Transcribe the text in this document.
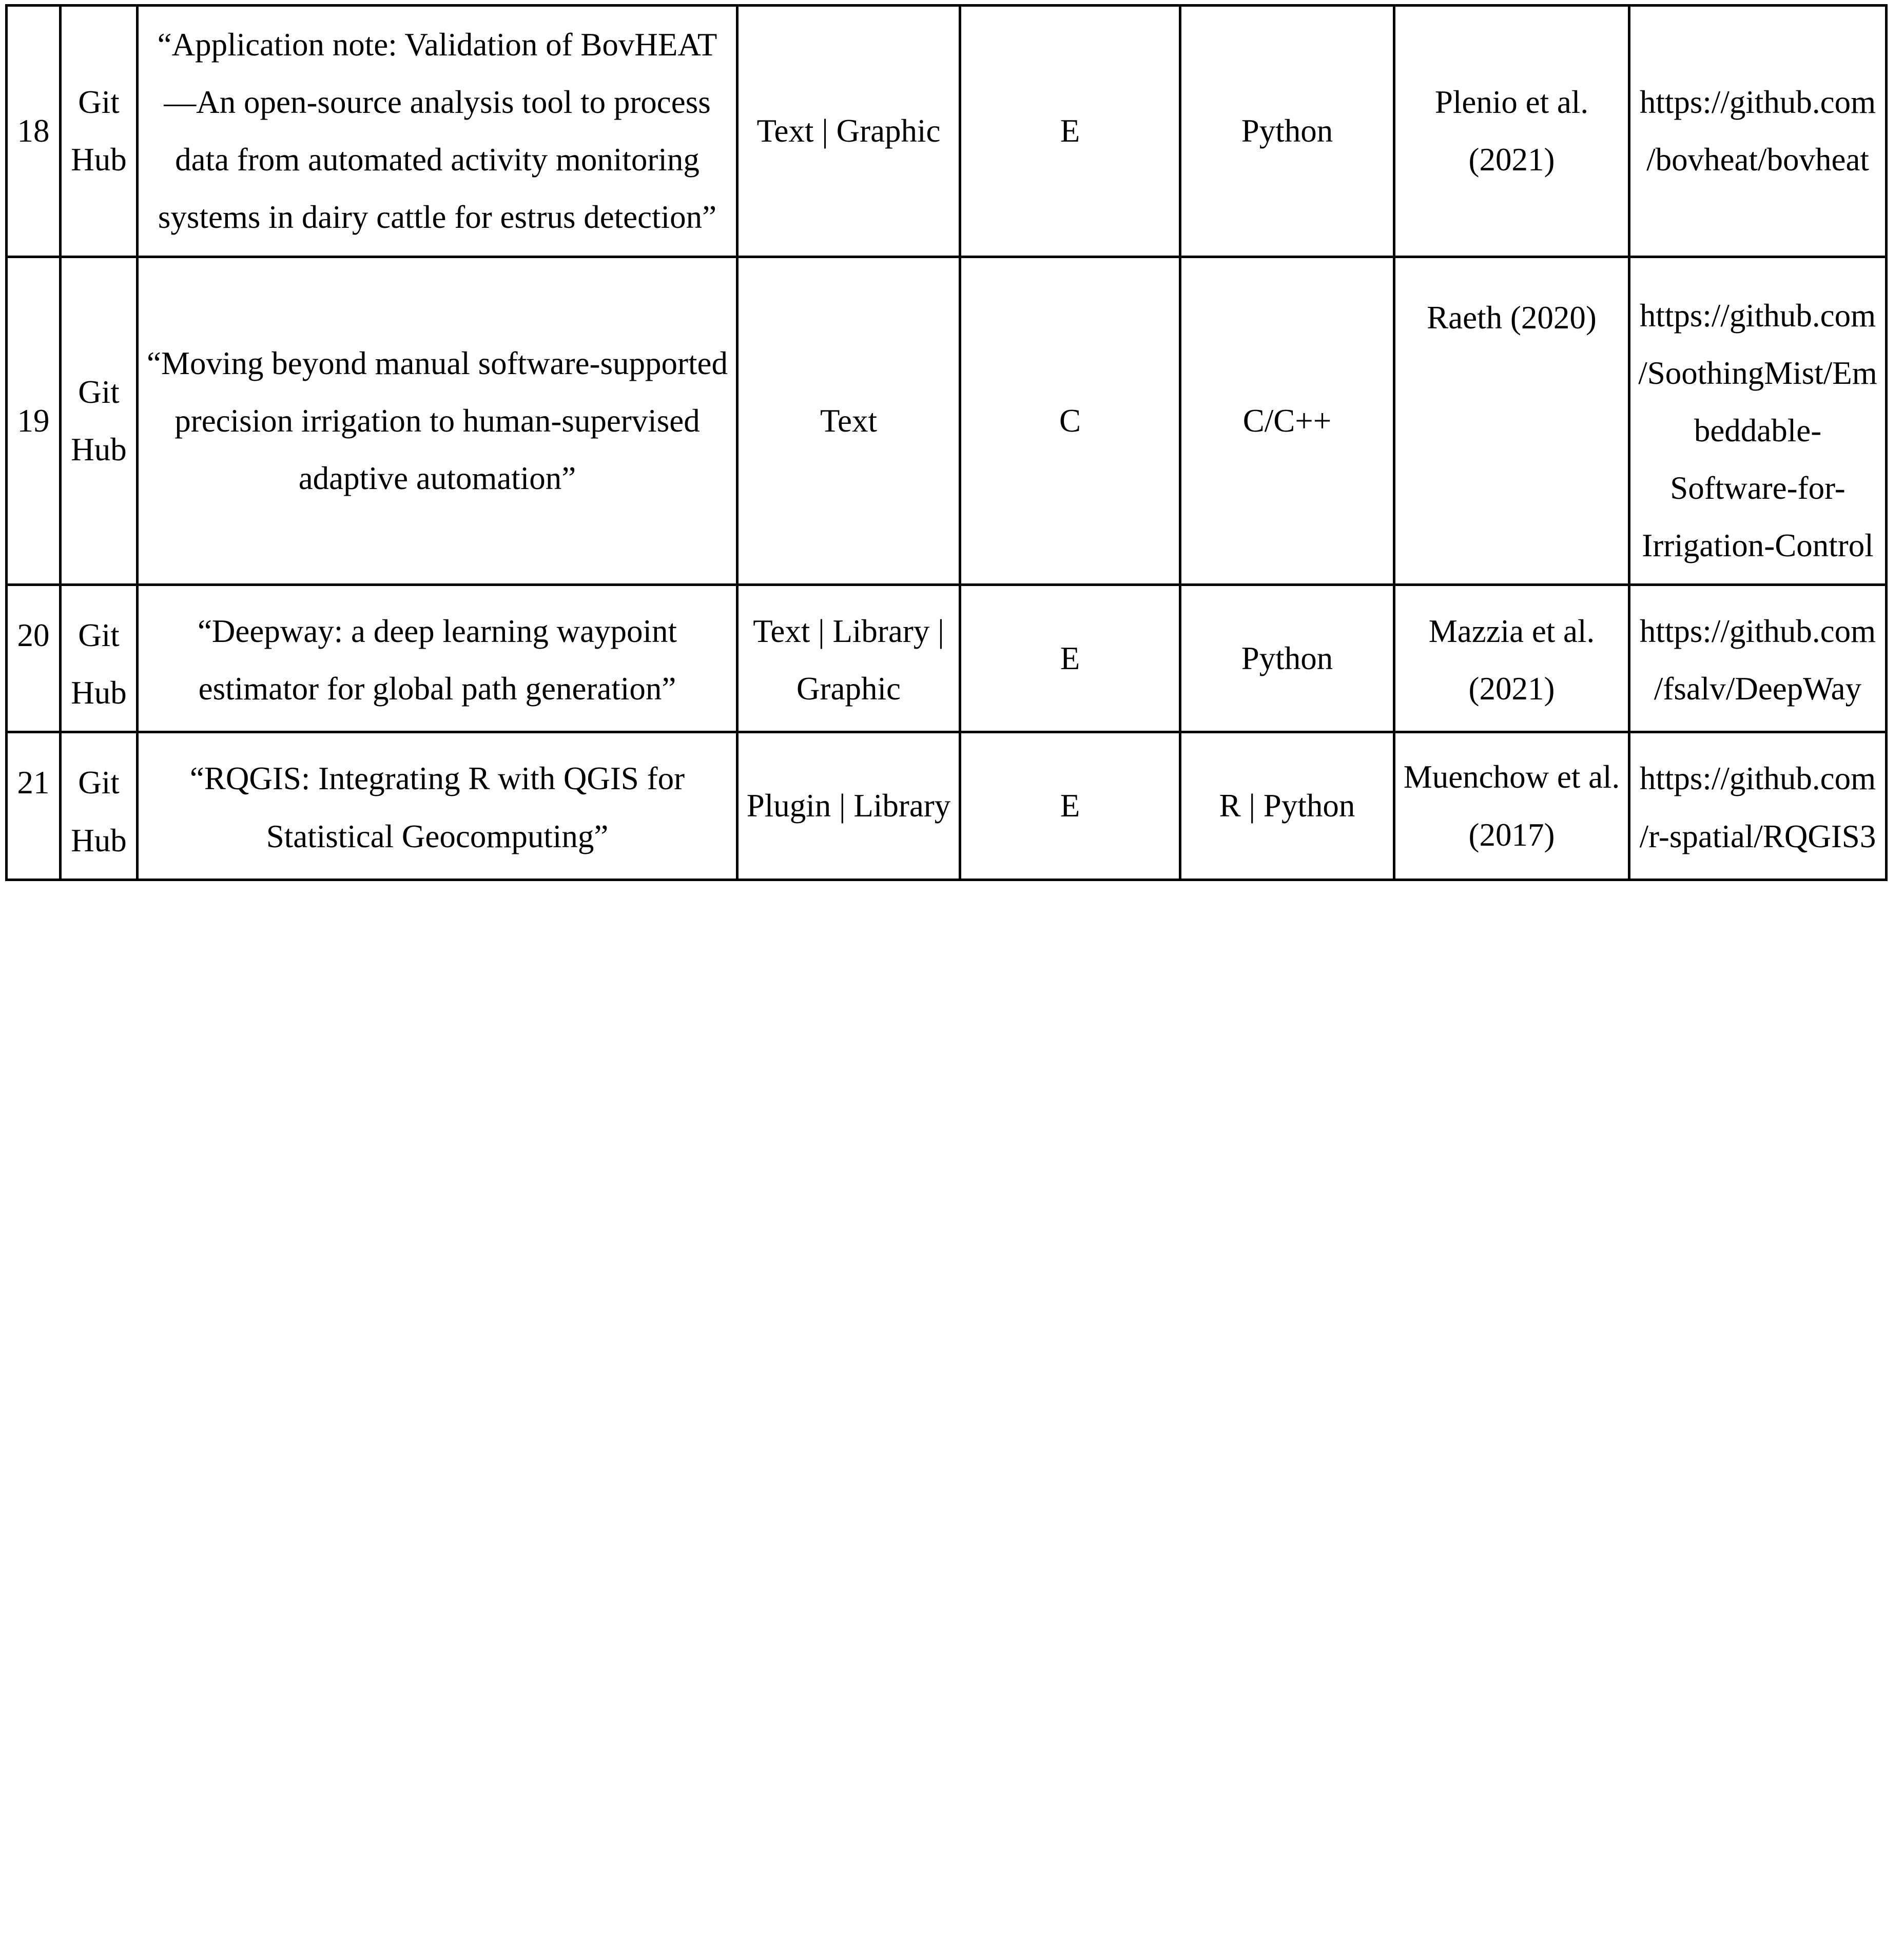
18	GitHub	“Application note: Validation of BovHEAT—An open-source analysis tool to process data from automated activity monitoring systems in dairy cattle for estrus detection”	Text | Graphic	E	Python	Plenio et al. (2021)	https://github.com/bovheat/bovheat
19	GitHub	“Moving beyond manual software-supported precision irrigation to human-supervised adaptive automation”	Text	C	C/C++	Raeth (2020)	https://github.com/SoothingMist/Embeddable-Software-for-Irrigation-Control
20	GitHub	“Deepway: a deep learning waypoint estimator for global path generation”	Text | Library | Graphic	E	Python	Mazzia et al. (2021)	https://github.com/fsalv/DeepWay
21	GitHub	“RQGIS: Integrating R with QGIS for Statistical Geocomputing”	Plugin | Library	E	R | Python	Muenchow et al. (2017)	https://github.com/r-spatial/RQGIS3
